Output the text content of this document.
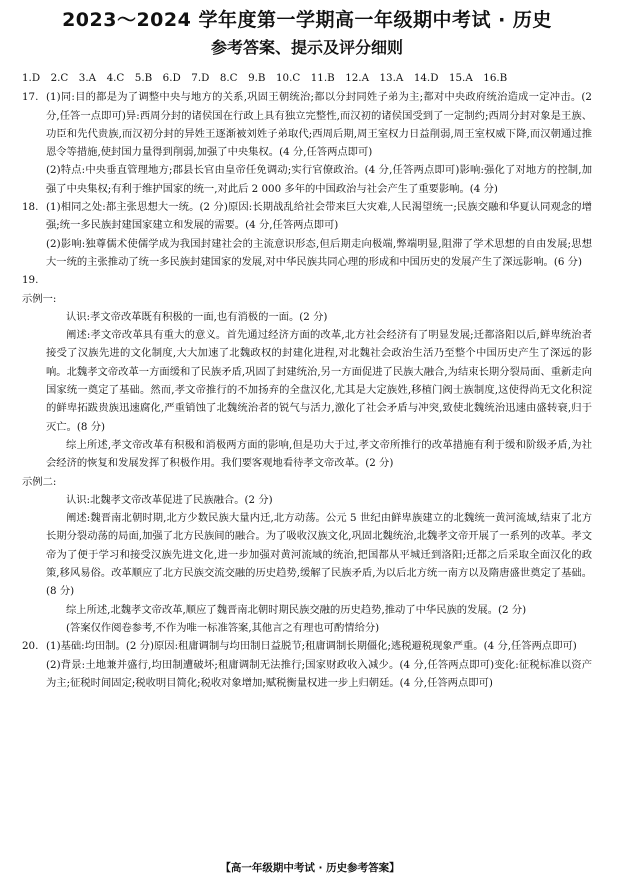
2023～2024 学年度第一学期高一年级期中考试 · 历史
参考答案、提示及评分细则
1.D 2.C 3.A 4.C 5.B 6.D 7.D 8.C 9.B 10.C 11.B 12.A 13.A 14.D 15.A 16.B
17. (1)同:目的都是为了调整中央与地方的关系,巩固王朝统治;都以分封同姓子弟为主;都对中央政府统治造成一定冲击。(2 分,任答一点即可)异:西周分封的诸侯国在行政上具有独立完整性,而汉初的诸侯国受到了一定制约;西周分封对象是王族、功臣和先代贵族,而汉初分封的异姓王逐渐被刘姓子弟取代;西周后期,周王室权力日益削弱,周王室权威下降,而汉朝通过推恩令等措施,使封国力量得到削弱,加强了中央集权。(4 分,任答两点即可)

(2)特点:中央垂直管理地方;郡县长官由皇帝任免调动;实行官僚政治。(4 分,任答两点即可)影响:强化了对地方的控制,加强了中央集权;有利于维护国家的统一,对此后 2 000 多年的中国政治与社会产生了重要影响。(4 分)

18. (1)相同之处:都主张思想大一统。(2 分)原因:长期战乱给社会带来巨大灾难,人民渴望统一;民族交融和华夏认同观念的增强;统一多民族封建国家建立和发展的需要。(4 分,任答两点即可)

(2)影响:独尊儒术使儒学成为我国封建社会的主流意识形态,但后期走向极端,弊端明显,阻滞了学术思想的自由发展;思想大一统的主张推动了统一多民族封建国家的发展,对中华民族共同心理的形成和中国历史的发展产生了深远影响。(6 分)

19.

示例一:

认识:孝文帝改革既有积极的一面,也有消极的一面。(2 分)

阐述:孝文帝改革具有重大的意义。首先通过经济方面的改革,北方社会经济有了明显发展;迁都洛阳以后,鲜卑统治者接受了汉族先进的文化制度,大大加速了北魏政权的封建化进程,对北魏社会政治生活乃至整个中国历史产生了深远的影响。北魏孝文帝改革一方面缓和了民族矛盾,巩固了封建统治,另一方面促进了民族大融合,为结束长期分裂局面、重新走向国家统一奠定了基础。然而,孝文帝推行的不加扬弃的全盘汉化,尤其是大定族姓,移植门阀士族制度,这使得尚无文化积淀的鲜卑拓跋贵族迅速腐化,严重销蚀了北魏统治者的锐气与活力,激化了社会矛盾与冲突,致使北魏统治迅速由盛转衰,归于灭亡。(8 分)

综上所述,孝文帝改革有积极和消极两方面的影响,但是功大于过,孝文帝所推行的改革措施有利于缓和阶级矛盾,为社会经济的恢复和发展发挥了积极作用。我们要客观地看待孝文帝改革。(2 分)

示例二:

认识:北魏孝文帝改革促进了民族融合。(2 分)

阐述:魏晋南北朝时期,北方少数民族大量内迁,北方动荡。公元 5 世纪由鲜卑族建立的北魏统一黄河流域,结束了北方长期分裂动荡的局面,加强了北方民族间的融合。为了吸收汉族文化,巩固北魏统治,北魏孝文帝开展了一系列的改革。孝文帝为了便于学习和接受汉族先进文化,进一步加强对黄河流域的统治,把国都从平城迁到洛阳;迁都之后采取全面汉化的政策,移风易俗。改革顺应了北方民族交流交融的历史趋势,缓解了民族矛盾,为以后北方统一南方以及隋唐盛世奠定了基础。(8 分)

综上所述,北魏孝文帝改革,顺应了魏晋南北朝时期民族交融的历史趋势,推动了中华民族的发展。(2 分)

(答案仅作阅卷参考,不作为唯一标准答案,其他言之有理也可酌情给分)

20. (1)基础:均田制。(2 分)原因:租庸调制与均田制日益脱节;租庸调制长期僵化;逃税避税现象严重。(4 分,任答两点即可)

(2)背景:土地兼并盛行,均田制遭破坏;租庸调制无法推行;国家财政收入减少。(4 分,任答两点即可)变化:征税标准以资产为主;征税时间固定;税收明目简化;税收对象增加;赋税衡量权进一步上归朝廷。(4 分,任答两点即可)

【高一年级期中考试 · 历史参考答案】
